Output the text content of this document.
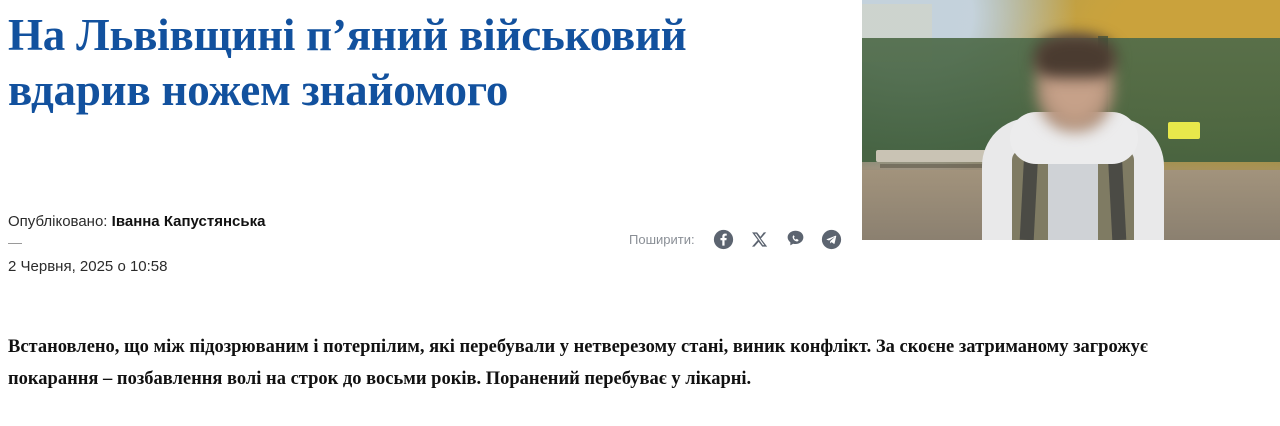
На Львівщині п’яний військовий вдарив ножем знайомого
Опубліковано: Іванна Капустянська
2 Червня, 2025 о 10:58
Поширити:

Встановлено, що між підозрюваним і потерпілим, які перебували у нетверезому стані, виник конфлікт. За скоєне затриманому загрожує покарання – позбавлення волі на строк до восьми років. Поранений перебуває у лікарні.
